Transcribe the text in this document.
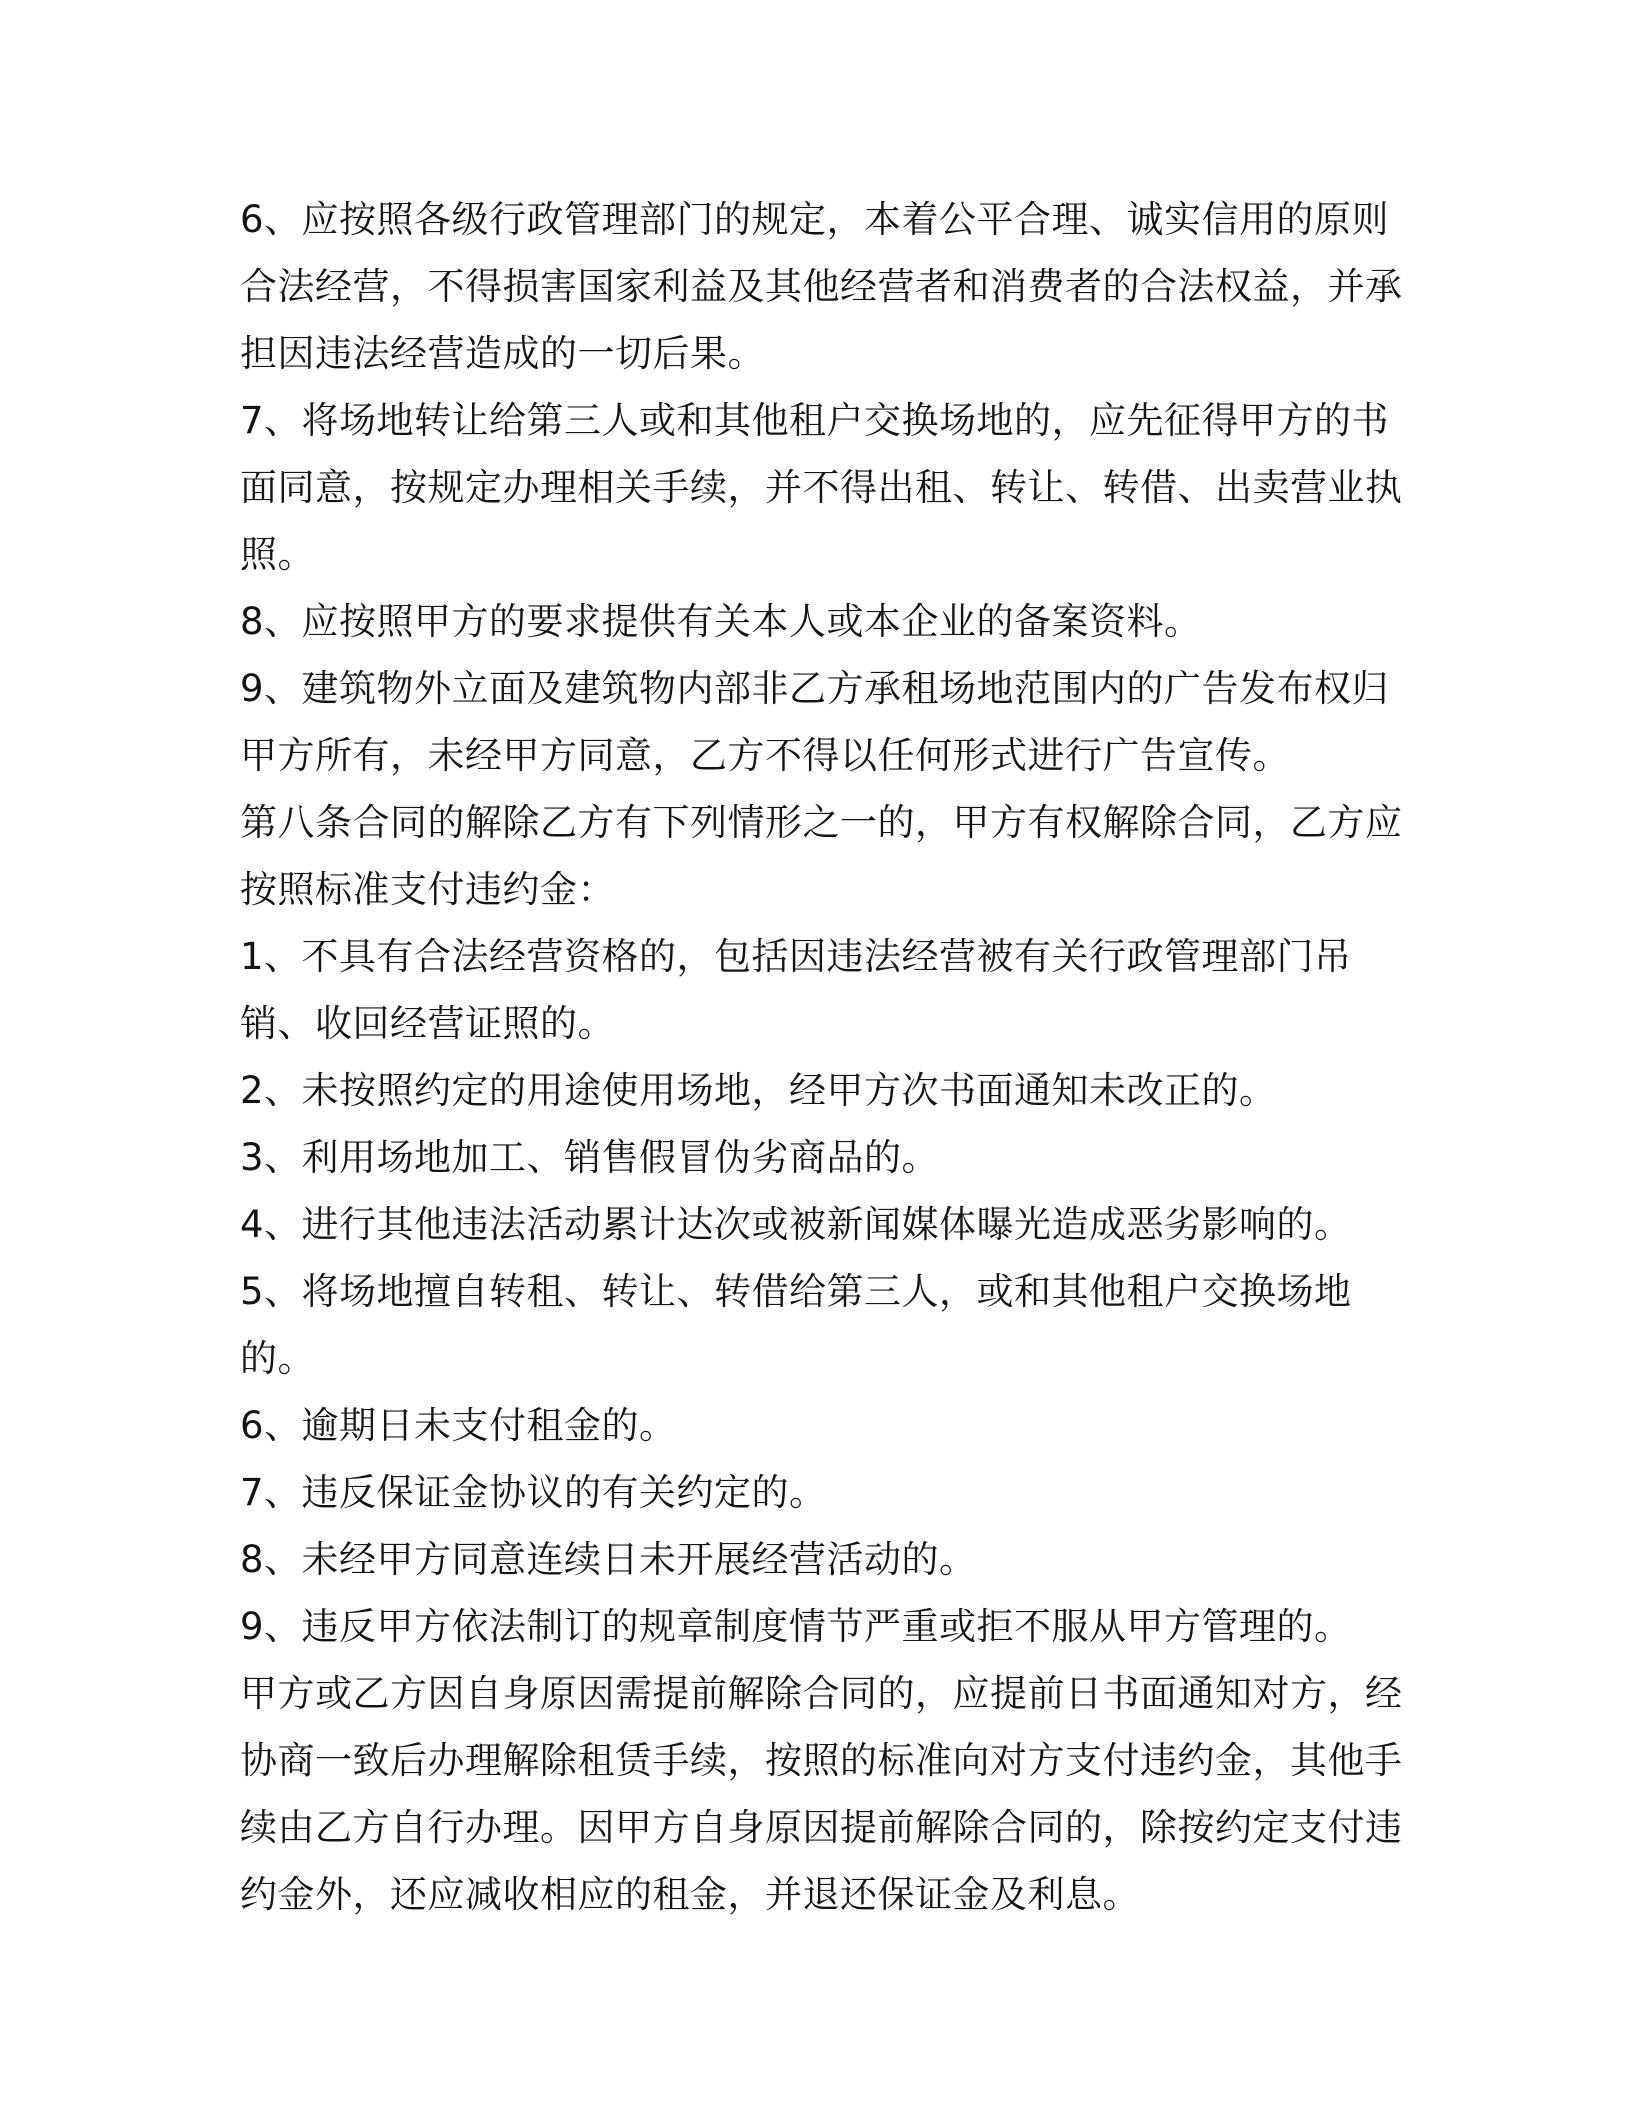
6、应按照各级行政管理部门的规定，本着公平合理、诚实信用的原则合法经营，不得损害国家利益及其他经营者和消费者的合法权益，并承担因违法经营造成的一切后果。

7、将场地转让给第三人或和其他租户交换场地的，应先征得甲方的书面同意，按规定办理相关手续，并不得出租、转让、转借、出卖营业执照。

8、应按照甲方的要求提供有关本人或本企业的备案资料。

9、建筑物外立面及建筑物内部非乙方承租场地范围内的广告发布权归甲方所有，未经甲方同意，乙方不得以任何形式进行广告宣传。

第八条合同的解除乙方有下列情形之一的，甲方有权解除合同，乙方应按照标准支付违约金：

1、不具有合法经营资格的，包括因违法经营被有关行政管理部门吊销、收回经营证照的。

2、未按照约定的用途使用场地，经甲方次书面通知未改正的。

3、利用场地加工、销售假冒伪劣商品的。

4、进行其他违法活动累计达次或被新闻媒体曝光造成恶劣影响的。

5、将场地擅自转租、转让、转借给第三人，或和其他租户交换场地的。

6、逾期日未支付租金的。

7、违反保证金协议的有关约定的。

8、未经甲方同意连续日未开展经营活动的。

9、违反甲方依法制订的规章制度情节严重或拒不服从甲方管理的。

甲方或乙方因自身原因需提前解除合同的，应提前日书面通知对方，经协商一致后办理解除租赁手续，按照的标准向对方支付违约金，其他手续由乙方自行办理。因甲方自身原因提前解除合同的，除按约定支付违约金外，还应减收相应的租金，并退还保证金及利息。
